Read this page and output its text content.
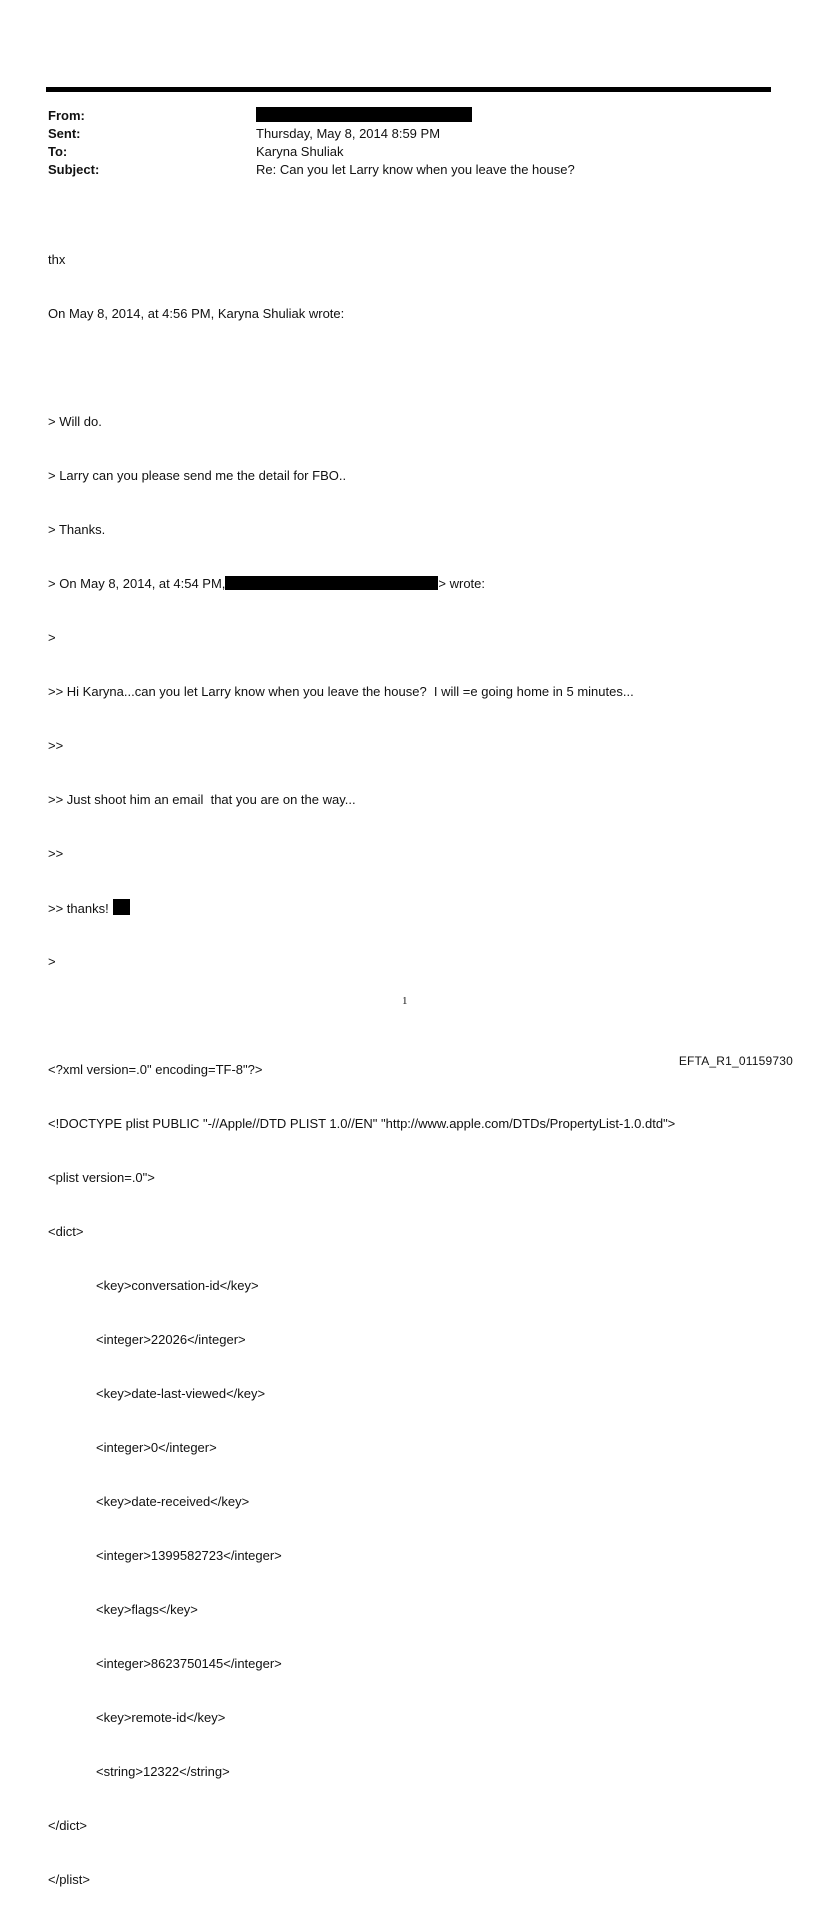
From:
Sent:	Thursday, May 8, 2014 8:59 PM
To:	Karyna Shuliak
Subject:	Re: Can you let Larry know when you leave the house?

thx

On May 8, 2014, at 4:56 PM, Karyna Shuliak wrote:

> Will do.

> Larry can you please send me the detail for FBO..

> Thanks.

> On May 8, 2014, at 4:54 PM,	> wrote:

>

>> Hi Karyna...can you let Larry know when you leave the house?  I will =e going home in 5 minutes...

>>

>> Just shoot him an email  that you are on the way...

>>

>> thanks!

>

<?xml version=.0" encoding=TF-8"?>

<!DOCTYPE plist PUBLIC "-//Apple//DTD PLIST 1.0//EN" "http://www.apple.com/DTDs/PropertyList-1.0.dtd">

<plist version=.0">

<dict>

<key>conversation-id</key>

<integer>22026</integer>

<key>date-last-viewed</key>

<integer>0</integer>

<key>date-received</key>

<integer>1399582723</integer>

<key>flags</key>

<integer>8623750145</integer>

<key>remote-id</key>

<string>12322</string>

</dict>

</plist>

1
EFTA_R1_01159730
